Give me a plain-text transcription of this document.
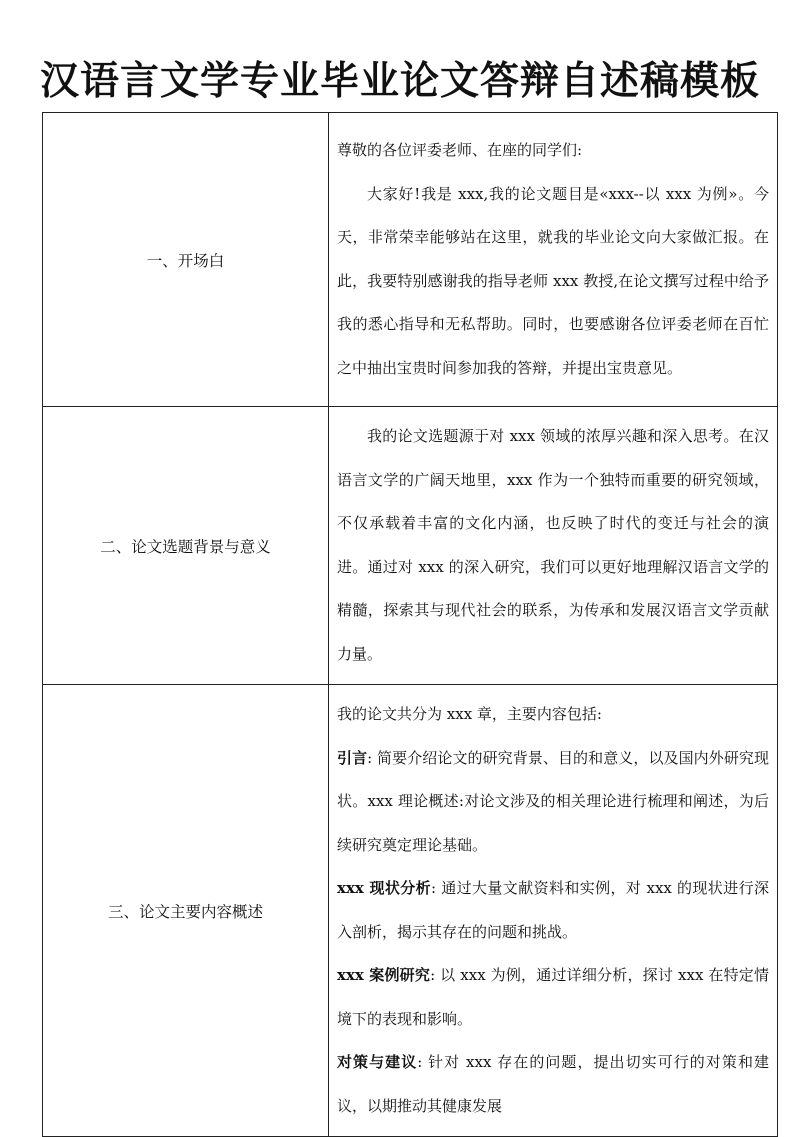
汉语言文学专业毕业论文答辩自述稿模板
一、开场白	尊敬的各位评委老师、在座的同学们:

大家好!我是 xxx,我的论文题目是«xxx--以 xxx 为例»。今天，非常荣幸能够站在这里，就我的毕业论文向大家做汇报。在此，我要特别感谢我的指导老师 xxx 教授,在论文撰写过程中给予我的悉心指导和无私帮助。同时，也要感谢各位评委老师在百忙之中抽出宝贵时间参加我的答辩，并提出宝贵意见。

二、论文选题背景与意义	我的论文选题源于对 xxx 领域的浓厚兴趣和深入思考。在汉语言文学的广阔天地里，xxx 作为一个独特而重要的研究领域，不仅承载着丰富的文化内涵，也反映了时代的变迁与社会的演进。通过对 xxx 的深入研究，我们可以更好地理解汉语言文学的精髓，探索其与现代社会的联系，为传承和发展汉语言文学贡献力量。

三、论文主要内容概述	我的论文共分为 xxx 章，主要内容包括:

引言: 简要介绍论文的研究背景、目的和意义，以及国内外研究现状。xxx 理论概述:对论文涉及的相关理论进行梳理和阐述，为后续研究奠定理论基础。

xxx 现状分析: 通过大量文献资料和实例，对 xxx 的现状进行深入剖析，揭示其存在的问题和挑战。

xxx 案例研究: 以 xxx 为例，通过详细分析，探讨 xxx 在特定情境下的表现和影响。

对策与建议: 针对 xxx 存在的问题，提出切实可行的对策和建议，以期推动其健康发展
